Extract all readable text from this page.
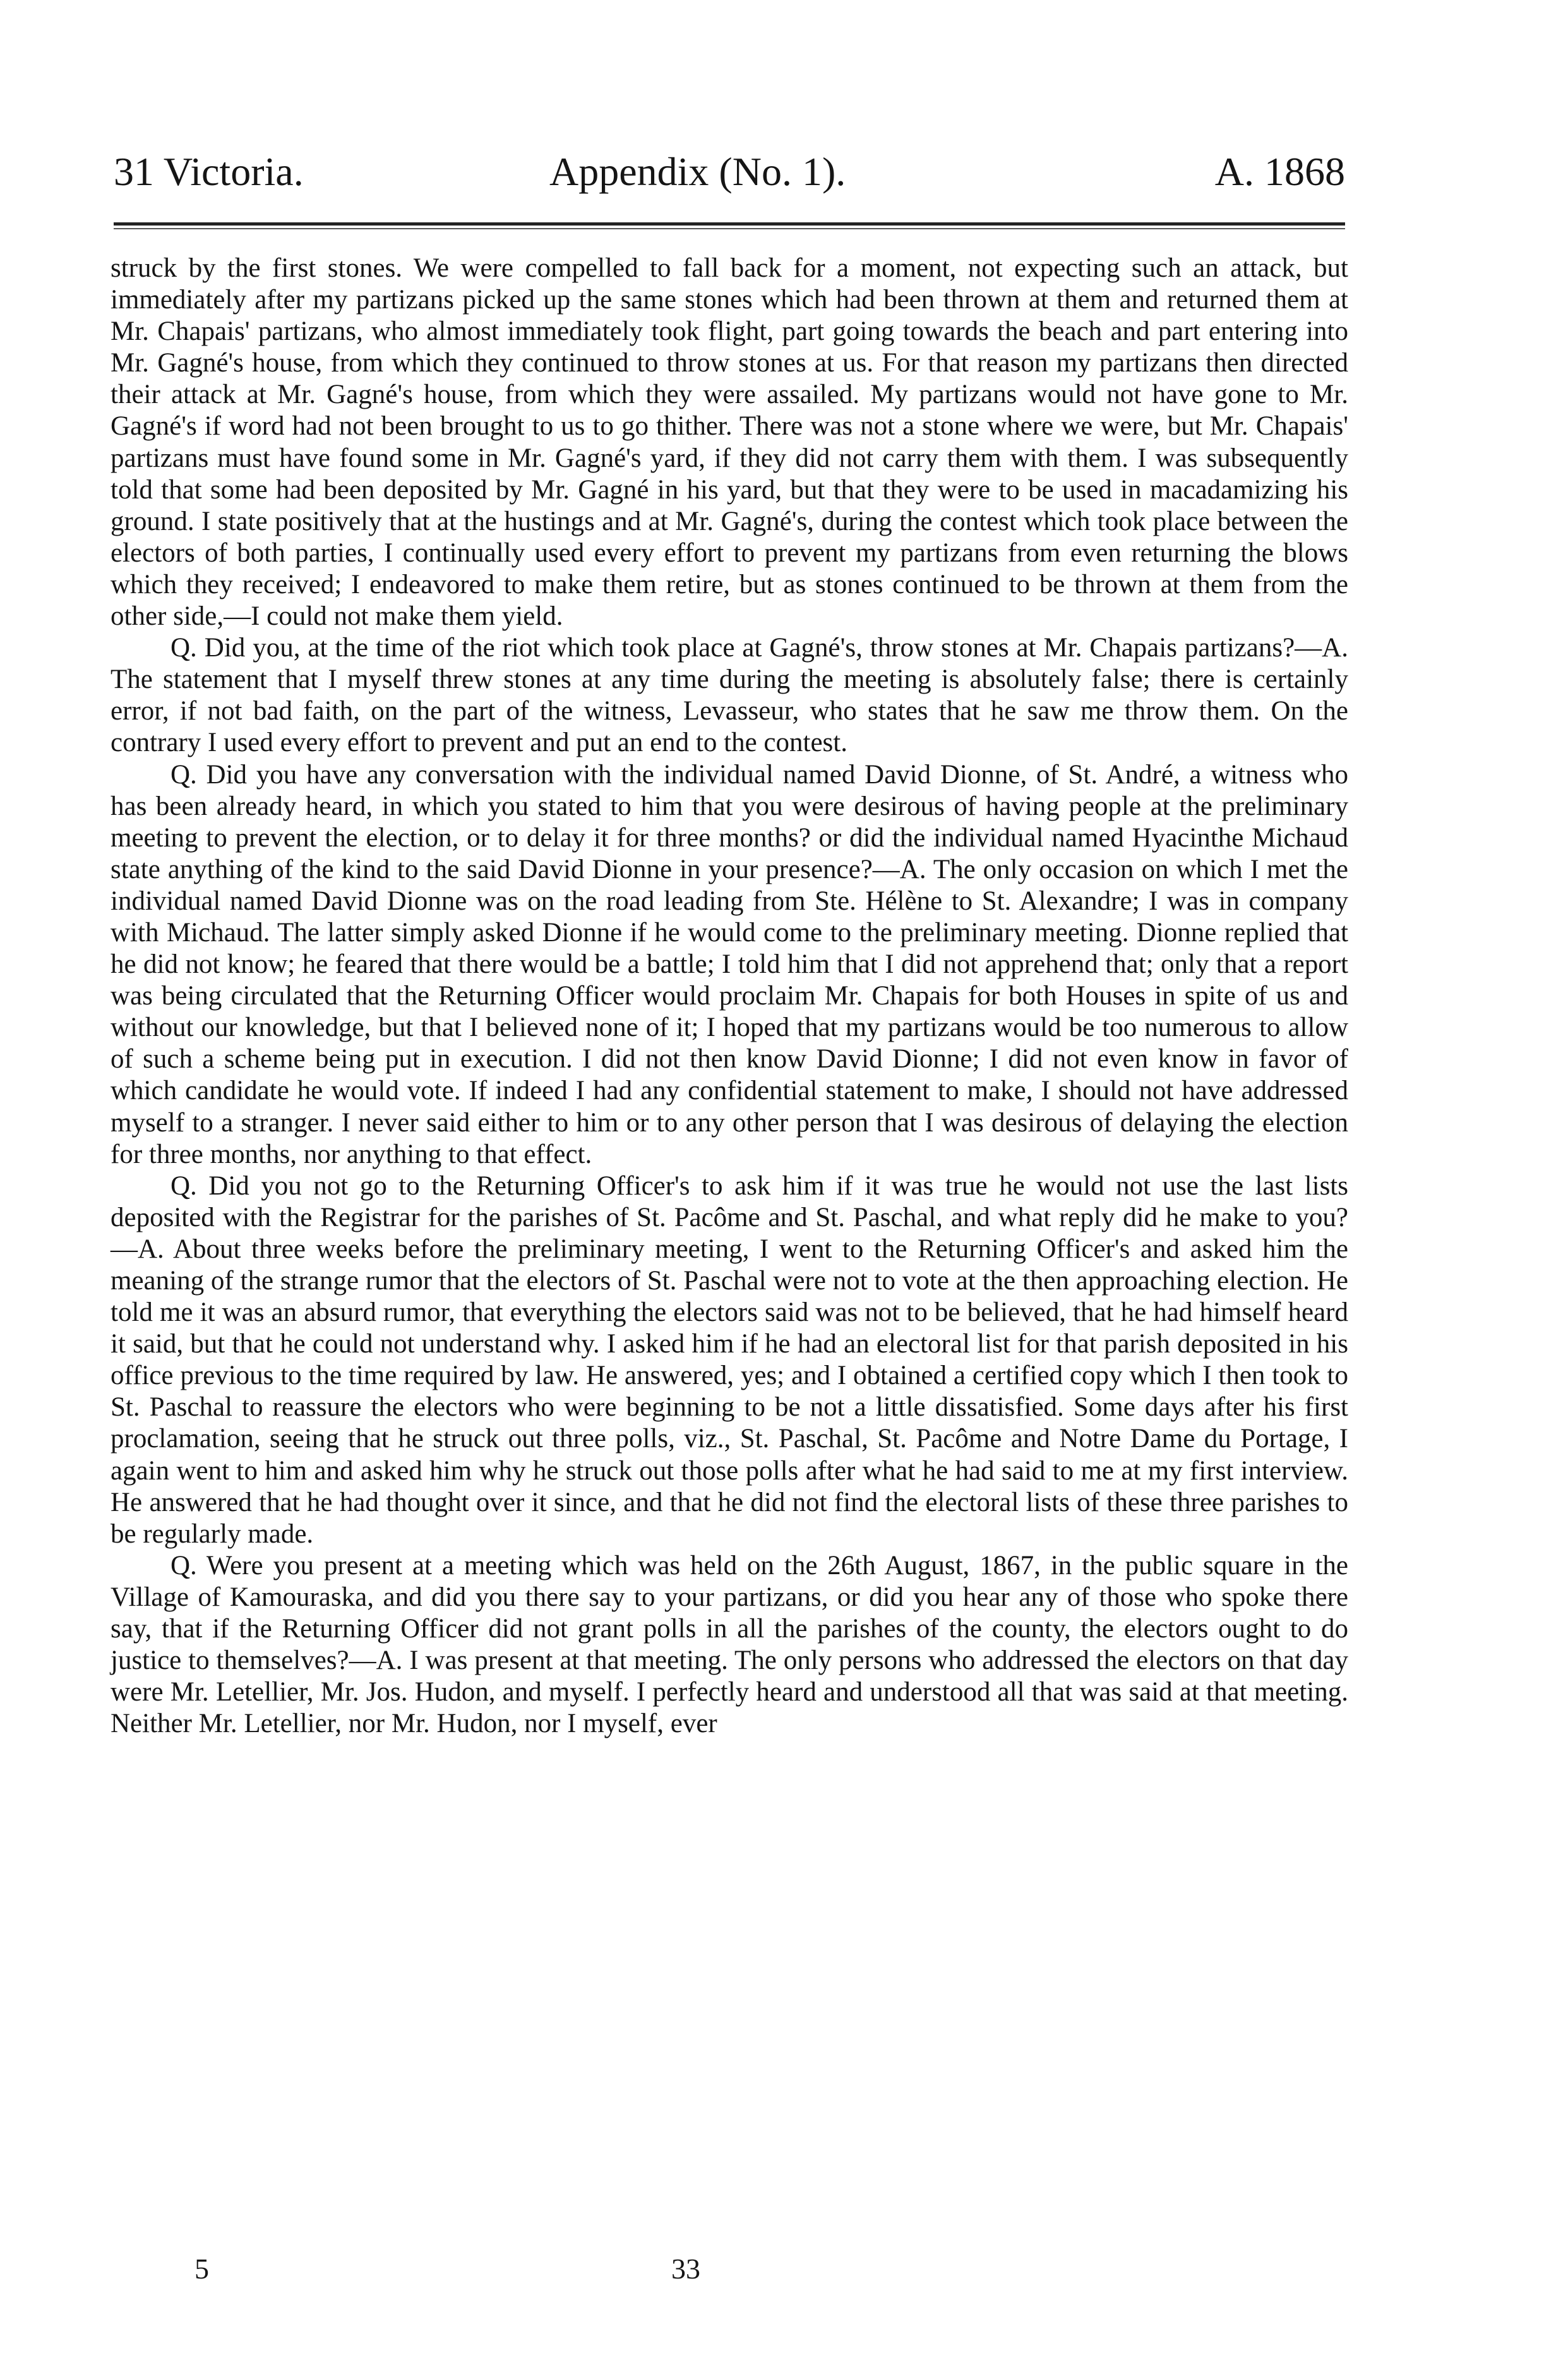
31 Victoria.	Appendix (No. 1).	A. 1868

struck by the first stones. We were compelled to fall back for a moment, not expecting such an attack, but immediately after my partizans picked up the same stones which had been thrown at them and returned them at Mr. Chapais' partizans, who almost immediately took flight, part going towards the beach and part entering into Mr. Gagné's house, from which they continued to throw stones at us. For that reason my partizans then directed their attack at Mr. Gagné's house, from which they were assailed. My partizans would not have gone to Mr. Gagné's if word had not been brought to us to go thither. There was not a stone where we were, but Mr. Chapais' partizans must have found some in Mr. Gagné's yard, if they did not carry them with them. I was subsequently told that some had been deposited by Mr. Gagné in his yard, but that they were to be used in macadamizing his ground. I state positively that at the hustings and at Mr. Gagné's, during the contest which took place between the electors of both parties, I continually used every effort to prevent my partizans from even returning the blows which they received; I endeavored to make them retire, but as stones continued to be thrown at them from the other side,—I could not make them yield.

Q. Did you, at the time of the riot which took place at Gagné's, throw stones at Mr. Chapais partizans?—A. The statement that I myself threw stones at any time during the meeting is absolutely false; there is certainly error, if not bad faith, on the part of the witness, Levasseur, who states that he saw me throw them. On the contrary I used every effort to prevent and put an end to the contest.

Q. Did you have any conversation with the individual named David Dionne, of St. André, a witness who has been already heard, in which you stated to him that you were desirous of having people at the preliminary meeting to prevent the election, or to delay it for three months? or did the individual named Hyacinthe Michaud state anything of the kind to the said David Dionne in your presence?—A. The only occasion on which I met the individual named David Dionne was on the road leading from Ste. Hélène to St. Alexandre; I was in company with Michaud. The latter simply asked Dionne if he would come to the preliminary meeting. Dionne replied that he did not know; he feared that there would be a battle; I told him that I did not apprehend that; only that a report was being circulated that the Returning Officer would proclaim Mr. Chapais for both Houses in spite of us and without our knowledge, but that I believed none of it; I hoped that my partizans would be too numerous to allow of such a scheme being put in execution. I did not then know David Dionne; I did not even know in favor of which candidate he would vote. If indeed I had any confidential statement to make, I should not have addressed myself to a stranger. I never said either to him or to any other person that I was desirous of delaying the election for three months, nor anything to that effect.

Q. Did you not go to the Returning Officer's to ask him if it was true he would not use the last lists deposited with the Registrar for the parishes of St. Pacôme and St. Paschal, and what reply did he make to you?—A. About three weeks before the preliminary meeting, I went to the Returning Officer's and asked him the meaning of the strange rumor that the electors of St. Paschal were not to vote at the then approaching election. He told me it was an absurd rumor, that everything the electors said was not to be believed, that he had himself heard it said, but that he could not understand why. I asked him if he had an electoral list for that parish deposited in his office previous to the time required by law. He answered, yes; and I obtained a certified copy which I then took to St. Paschal to reassure the electors who were beginning to be not a little dissatisfied. Some days after his first proclamation, seeing that he struck out three polls, viz., St. Paschal, St. Pacôme and Notre Dame du Portage, I again went to him and asked him why he struck out those polls after what he had said to me at my first interview. He answered that he had thought over it since, and that he did not find the electoral lists of these three parishes to be regularly made.

Q. Were you present at a meeting which was held on the 26th August, 1867, in the public square in the Village of Kamouraska, and did you there say to your partizans, or did you hear any of those who spoke there say, that if the Returning Officer did not grant polls in all the parishes of the county, the electors ought to do justice to themselves?—A. I was present at that meeting. The only persons who addressed the electors on that day were Mr. Letellier, Mr. Jos. Hudon, and myself. I perfectly heard and understood all that was said at that meeting. Neither Mr. Letellier, nor Mr. Hudon, nor I myself, ever

5	33
